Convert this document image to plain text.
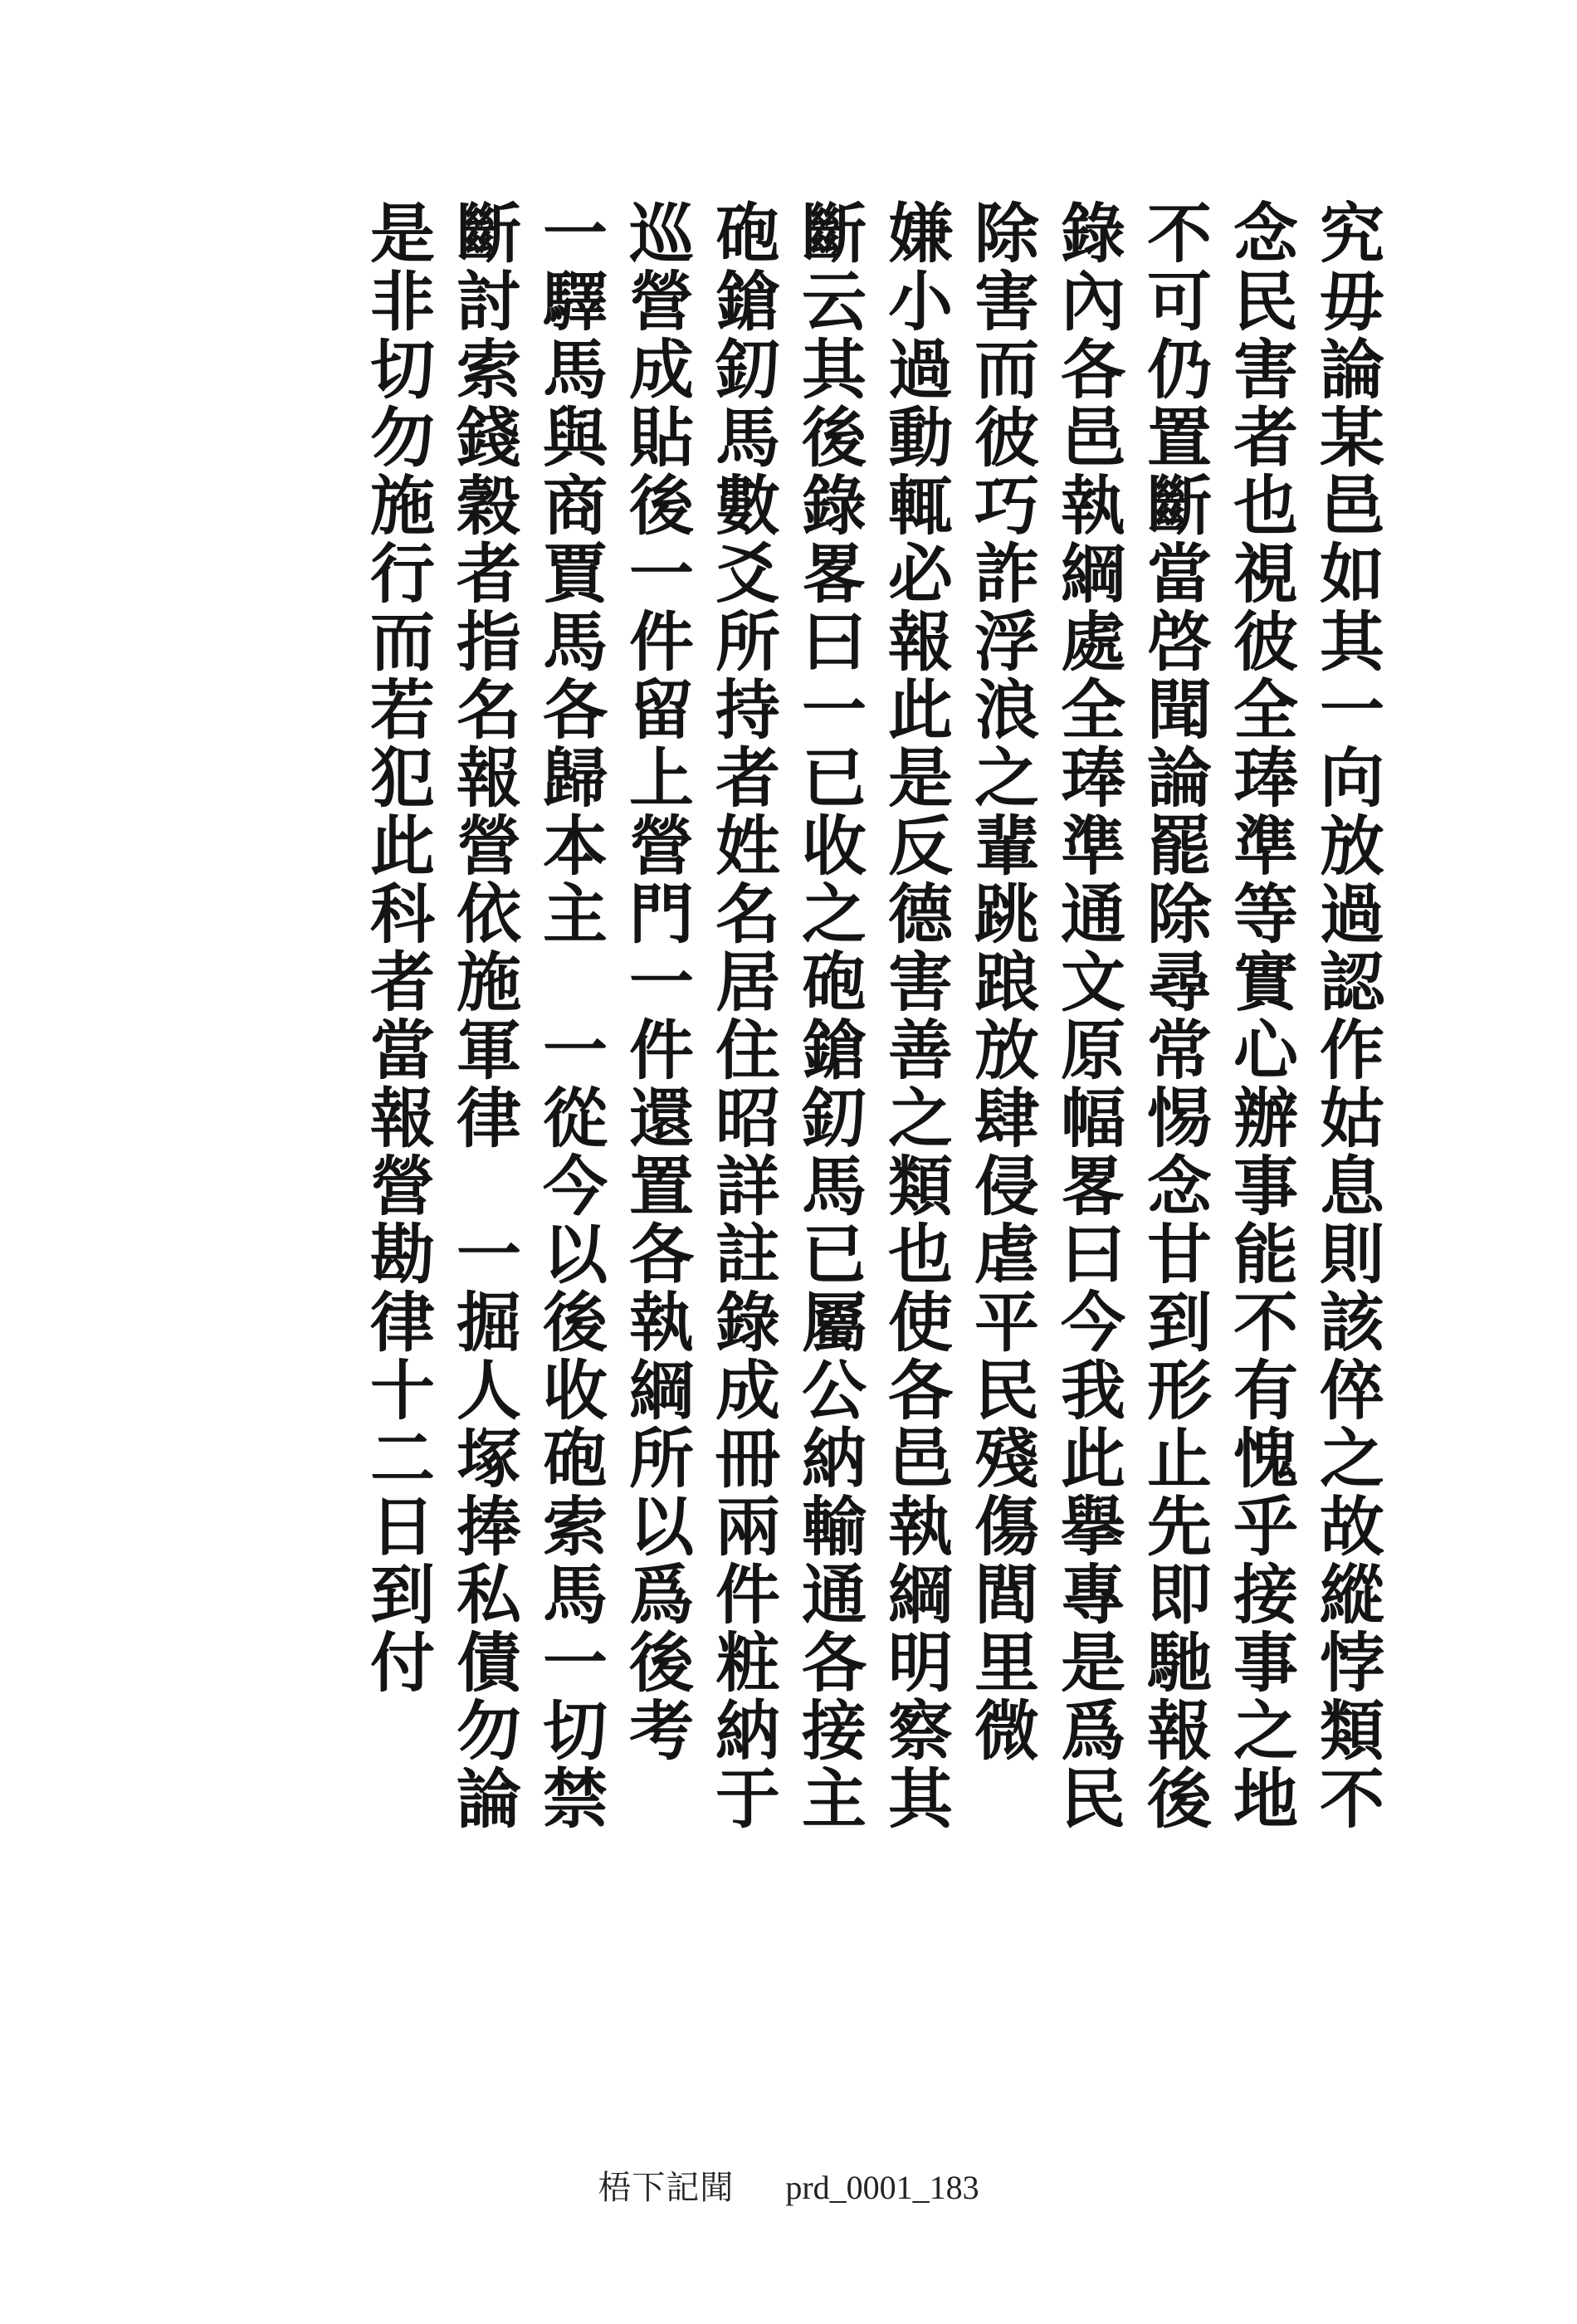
究毋論某邑如其一向放過認作姑息則該倅之故縱悖類不
念民害者也視彼全琫準等實心辦事能不有愧乎接事之地
不可仍置斷當啓聞論罷除尋常惕念甘到形止先即馳報後
錄內各邑執綱處全琫準通文原幅畧曰今我此擧專是爲民
除害而彼巧詐浮浪之輩跳踉放肆侵虐平民殘傷閭里微
嫌小過動輒必報此是反德害善之類也使各邑執綱明察其
斷云其後錄畧曰一已收之砲鎗釖馬已屬公納輸通各接主
砲鎗釖馬數爻所持者姓名居住昭詳註錄成冊兩件粧納于
巡營成貼後一件留上營門一件還置各執綱所以爲後考
一驛馬與商賈馬各歸本主　一從今以後收砲索馬一切禁
斷討索錢穀者指名報營依施軍律　一掘人塚捧私債勿論
是非切勿施行而若犯此科者當報營勘律十二日到付
梧下記聞 prd_0001_183
